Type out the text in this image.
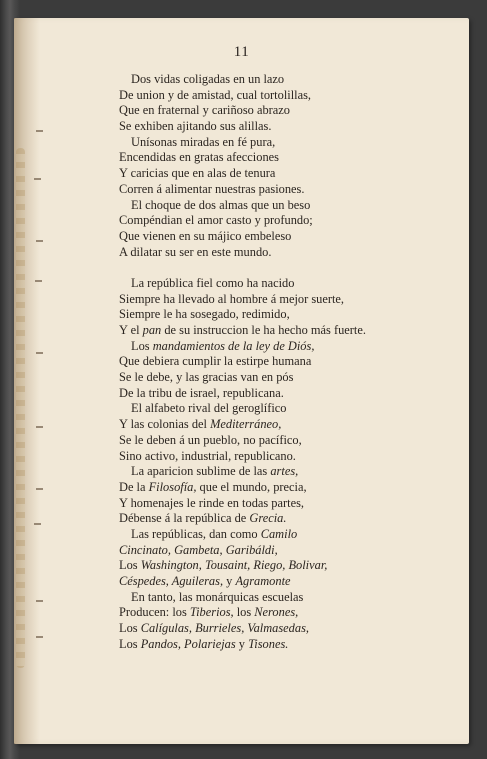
11
Dos vidas coligadas en un lazo
De union y de amistad, cual tortolillas,
Que en fraternal y cariñoso abrazo
Se exhiben ajitando sus alillas.
Unísonas miradas en fé pura,
Encendidas en gratas afecciones
Y caricias que en alas de tenura
Corren á alimentar nuestras pasiones.
El choque de dos almas que un beso
Compéndian el amor casto y profundo;
Que vienen en su májico embeleso
A dilatar su ser en este mundo.
La república fiel como ha nacido
Siempre ha llevado al hombre á mejor suerte,
Siempre le ha sosegado, redimido,
Y el pan de su instruccion le ha hecho más fuerte.
Los mandamientos de la ley de Diós,
Que debiera cumplir la estirpe humana
Se le debe, y las gracias van en pós
De la tribu de israel, republicana.
El alfabeto rival del geroglífico
Y las colonias del Mediterráneo,
Se le deben á un pueblo, no pacífico,
Sino activo, industrial, republicano.
La aparicion sublime de las artes,
De la Filosofía, que el mundo, precia,
Y homenajes le rinde en todas partes,
Débense á la república de Grecia.
Las repúblicas, dan como Camilo
Cincinato, Gambeta, Garibáldi,
Los Washington, Tousaint, Riego, Bolivar,
Céspedes, Aguileras, y Agramonte
En tanto, las monárquicas escuelas
Producen: los Tiberios, los Nerones,
Los Calígulas, Burrieles, Valmasedas,
Los Pandos, Polariejas y Tisones.
